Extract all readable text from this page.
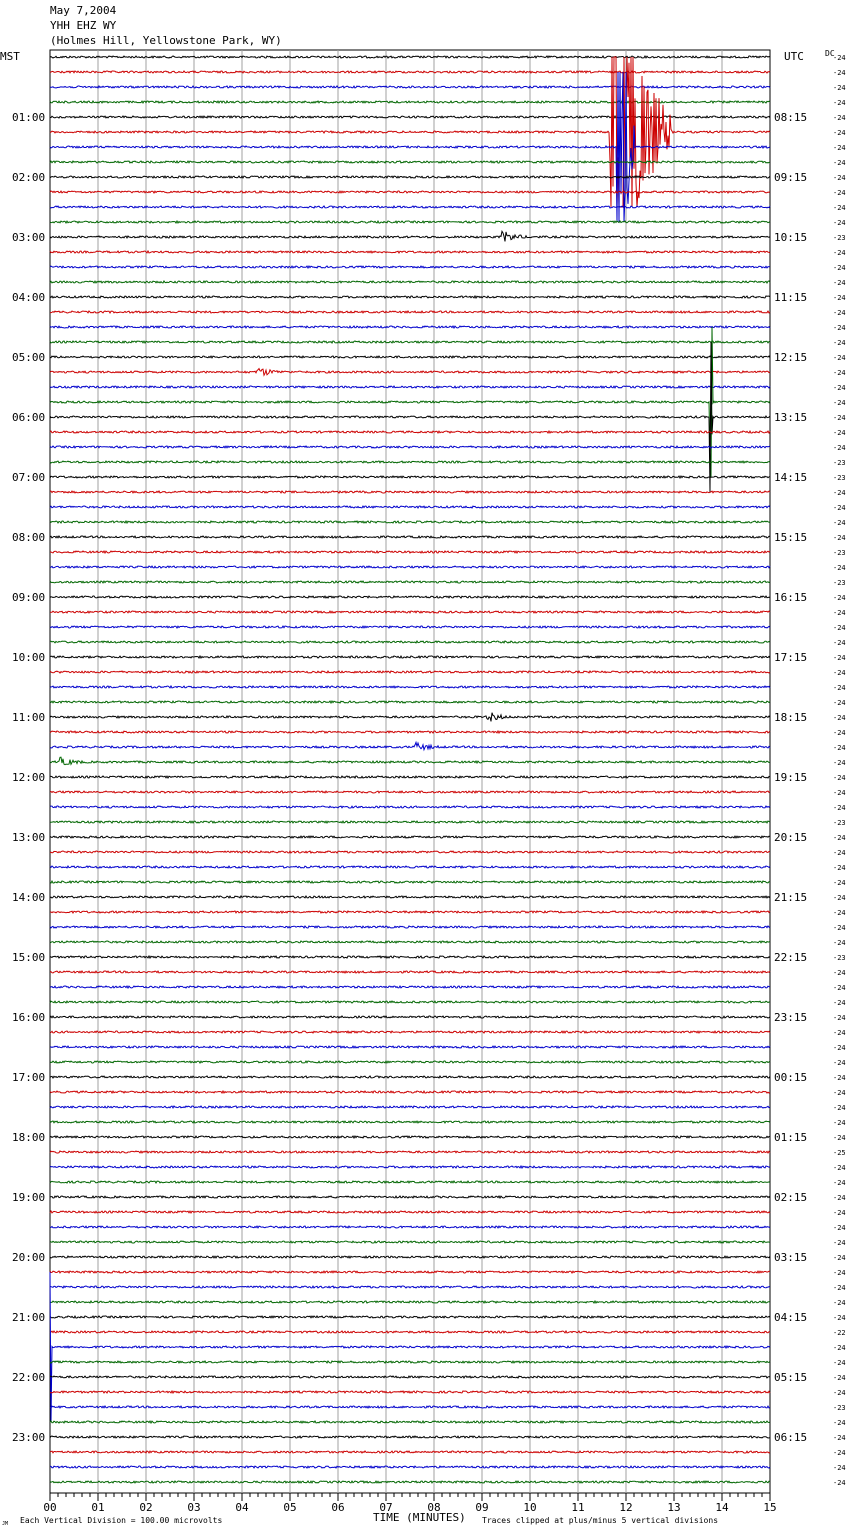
May 7,2004
YHH EHZ WY
(Holmes Hill, Yellowstone Park, WY)
MST	UTC	DC
-24
-24
-24
-24
-24
-24
-24
-24
-24
-24
-24
-24
-23
-24
-24
-24
-24
-24
-24
-24
-24
-24
-24
-24
-24
-24
-24
-23
-23
-24
-24
-24
-24
-23
-24
-23
-24
-24
-24
-24
-24
-24
-24
-24
-24
-24
-24
-24
-24
-24
-24
-23
-24
-24
-24
-24
-24
-24
-24
-24
-23
-24
-24
-24
-24
-24
-24
-24
-24
-24
-24
-24
-24
-25
-24
-24
-24
-24
-24
-24
-24
-24
-24
-24
-24
-22
-24
-24
-24
-24
-23
-24
-24
-24
-24
-24
01:00
02:00
03:00
04:00
05:00
06:00
07:00
08:00
09:00
10:00
11:00
12:00
13:00
14:00
15:00
16:00
17:00
18:00
19:00
20:00
21:00
22:00
23:00
08:15
09:15
10:15
11:15
12:15
13:15
14:15
15:15
16:15
17:15
18:15
19:15
20:15
21:15
22:15
23:15
00:15
01:15
02:15
03:15
04:15
05:15
06:15
00	01	02	03	04	05	06	07	08	09	10	11	12	13	14	15
Each Vertical Division = 100.00 microvolts	TIME (MINUTES) Traces clipped at plus/minus 5 vertical divisions
JM
